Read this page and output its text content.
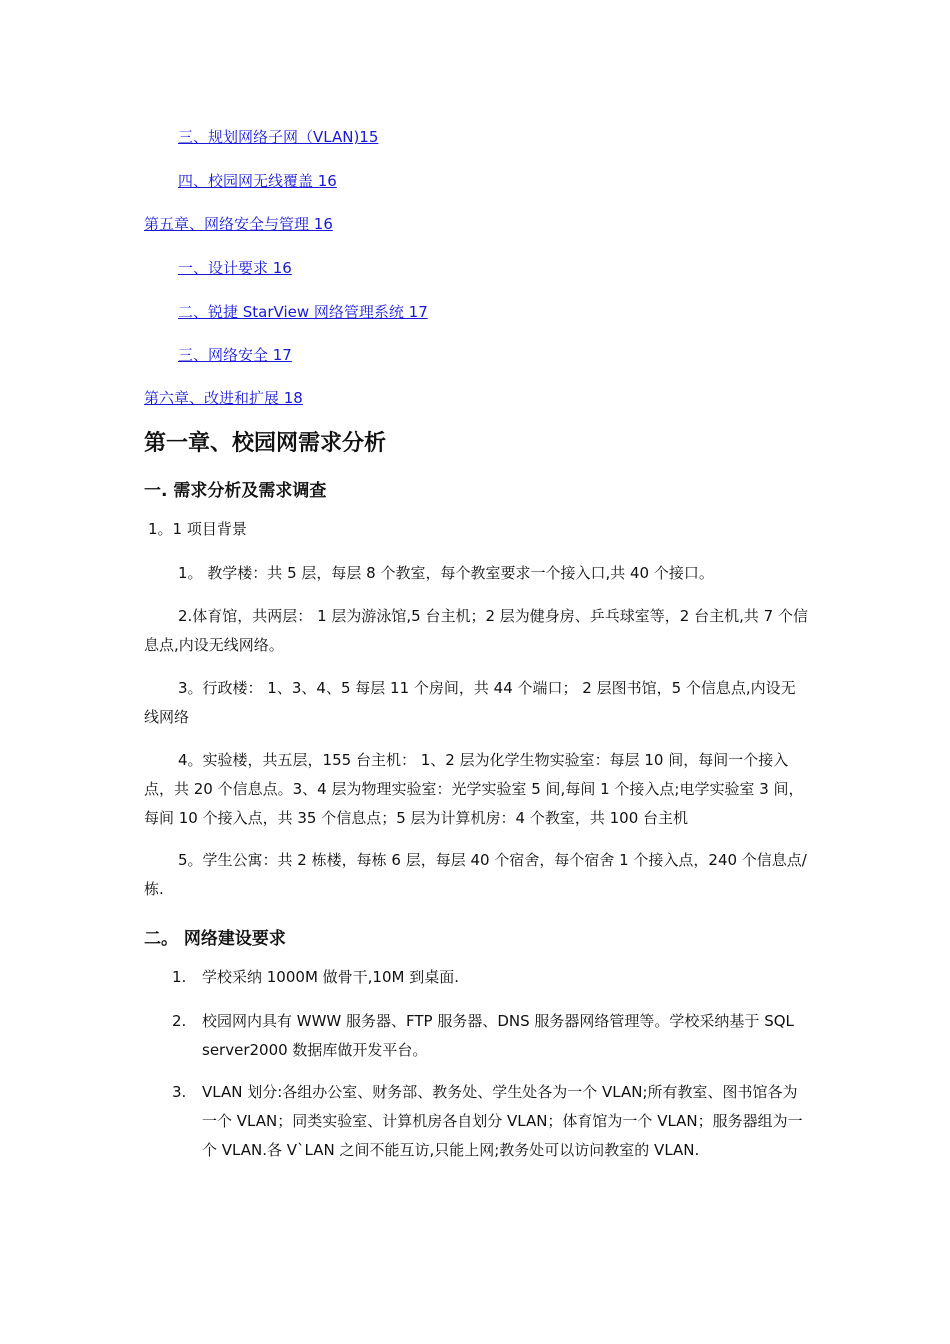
三、规划网络子网（VLAN)15
四、校园网无线覆盖 16
第五章、网络安全与管理 16
一、设计要求 16
二、锐捷 StarView 网络管理系统 17
三、网络安全 17
第六章、改进和扩展 18
第一章、校园网需求分析
一. 需求分析及需求调查

1。1 项目背景

1。 教学楼：共 5 层，每层 8 个教室，每个教室要求一个接入口,共 40 个接口。

2.体育馆，共两层： 1 层为游泳馆,5 台主机；2 层为健身房、乒乓球室等，2 台主机,共 7 个信息点,内设无线网络。

3。行政楼： 1、3、4、5 每层 11 个房间，共 44 个端口； 2 层图书馆，5 个信息点,内设无线网络

4。实验楼，共五层，155 台主机： 1、2 层为化学生物实验室：每层 10 间，每间一个接入点，共 20 个信息点。3、4 层为物理实验室：光学实验室 5 间,每间 1 个接入点;电学实验室 3 间，每间 10 个接入点，共 35 个信息点；5 层为计算机房：4 个教室，共 100 台主机

5。学生公寓：共 2 栋楼，每栋 6 层，每层 40 个宿舍，每个宿舍 1 个接入点，240 个信息点/栋.

二。 网络建设要求
1. 学校采纳 1000M 做骨干,10M 到桌面.
2. 校园网内具有 WWW 服务器、FTP 服务器、DNS 服务器网络管理等。学校采纳基于 SQL server2000 数据库做开发平台。
3. VLAN 划分:各组办公室、财务部、教务处、学生处各为一个 VLAN;所有教室、图书馆各为一个 VLAN；同类实验室、计算机房各自划分 VLAN；体育馆为一个 VLAN；服务器组为一个 VLAN.各 V`LAN 之间不能互访,只能上网;教务处可以访问教室的 VLAN.
